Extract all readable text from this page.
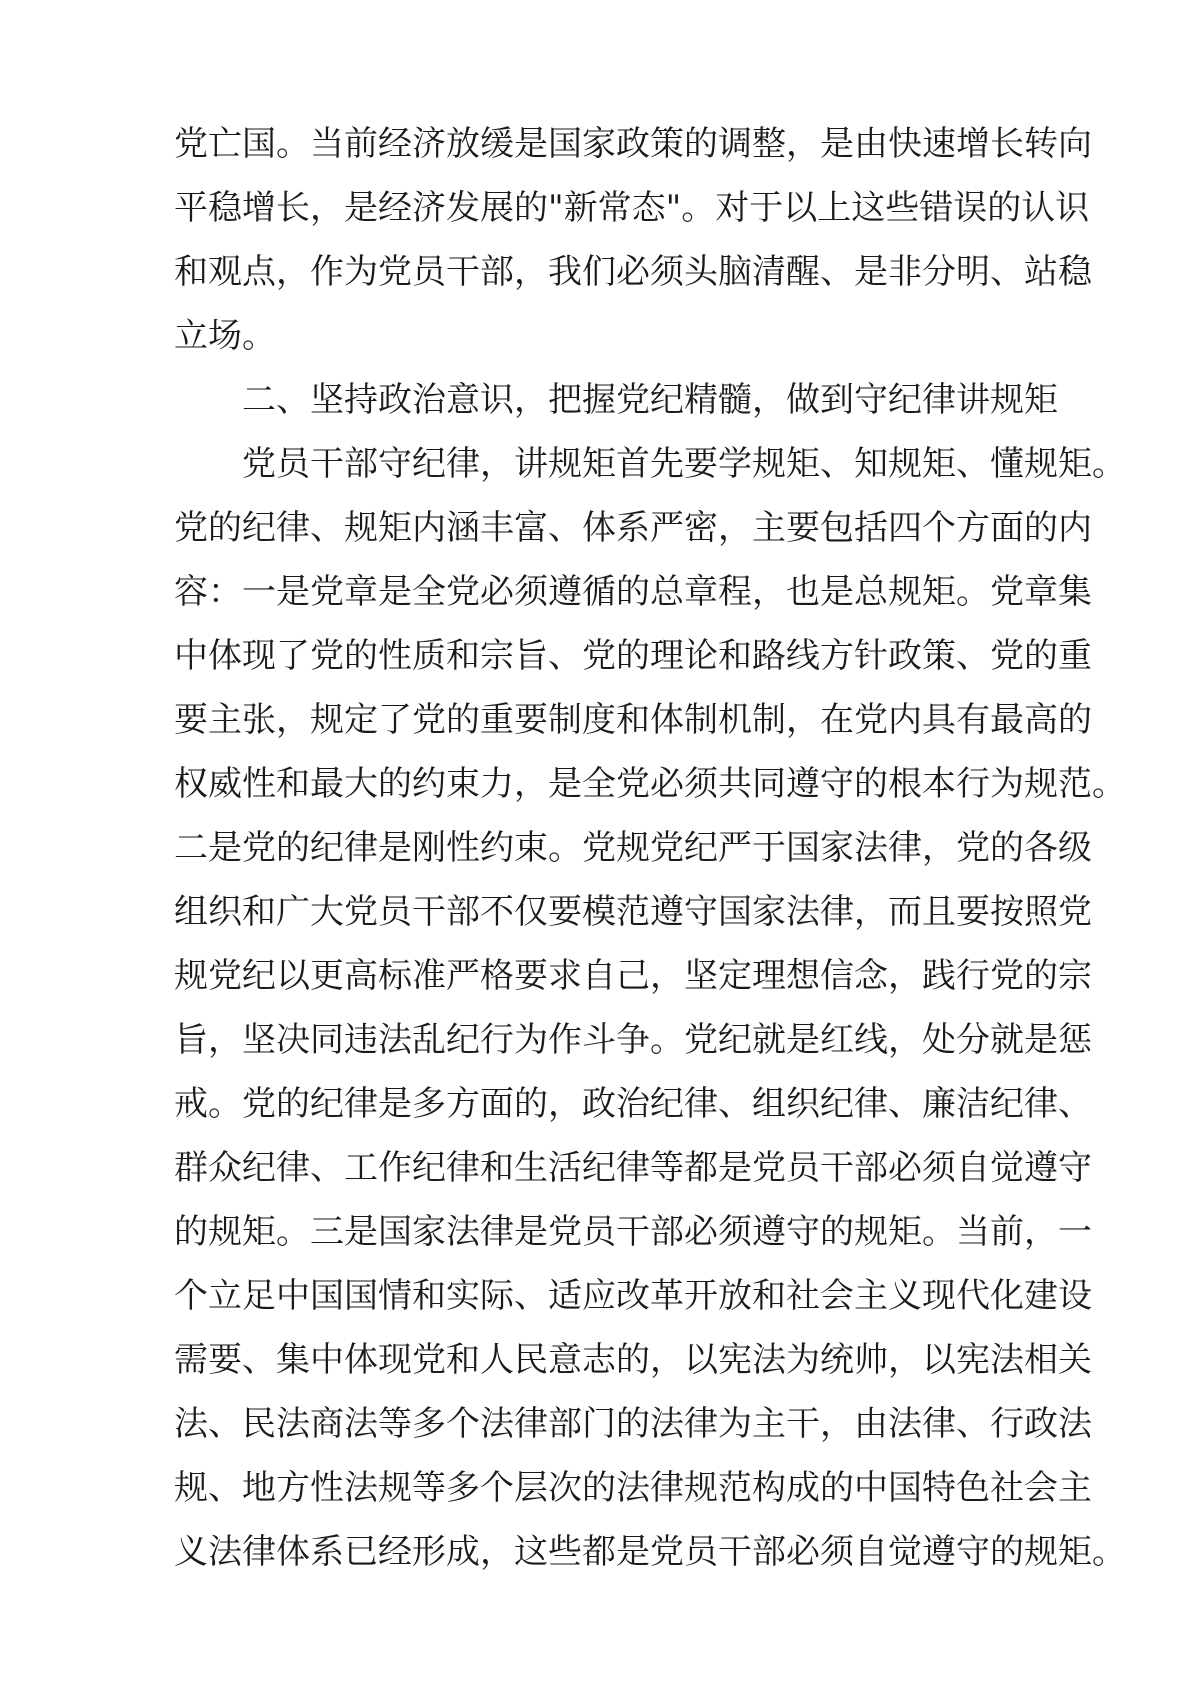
党亡国。当前经济放缓是国家政策的调整，是由快速增长转向
平稳增长，是经济发展的"新常态"。对于以上这些错误的认识
和观点，作为党员干部，我们必须头脑清醒、是非分明、站稳
立场。
二、坚持政治意识，把握党纪精髓，做到守纪律讲规矩
党员干部守纪律，讲规矩首先要学规矩、知规矩、懂规矩。
党的纪律、规矩内涵丰富、体系严密，主要包括四个方面的内
容：一是党章是全党必须遵循的总章程，也是总规矩。党章集
中体现了党的性质和宗旨、党的理论和路线方针政策、党的重
要主张，规定了党的重要制度和体制机制，在党内具有最高的
权威性和最大的约束力，是全党必须共同遵守的根本行为规范。
二是党的纪律是刚性约束。党规党纪严于国家法律，党的各级
组织和广大党员干部不仅要模范遵守国家法律，而且要按照党
规党纪以更高标准严格要求自己，坚定理想信念，践行党的宗
旨，坚决同违法乱纪行为作斗争。党纪就是红线，处分就是惩
戒。党的纪律是多方面的，政治纪律、组织纪律、廉洁纪律、
群众纪律、工作纪律和生活纪律等都是党员干部必须自觉遵守
的规矩。三是国家法律是党员干部必须遵守的规矩。当前，一
个立足中国国情和实际、适应改革开放和社会主义现代化建设
需要、集中体现党和人民意志的，以宪法为统帅，以宪法相关
法、民法商法等多个法律部门的法律为主干，由法律、行政法
规、地方性法规等多个层次的法律规范构成的中国特色社会主
义法律体系已经形成，这些都是党员干部必须自觉遵守的规矩。
